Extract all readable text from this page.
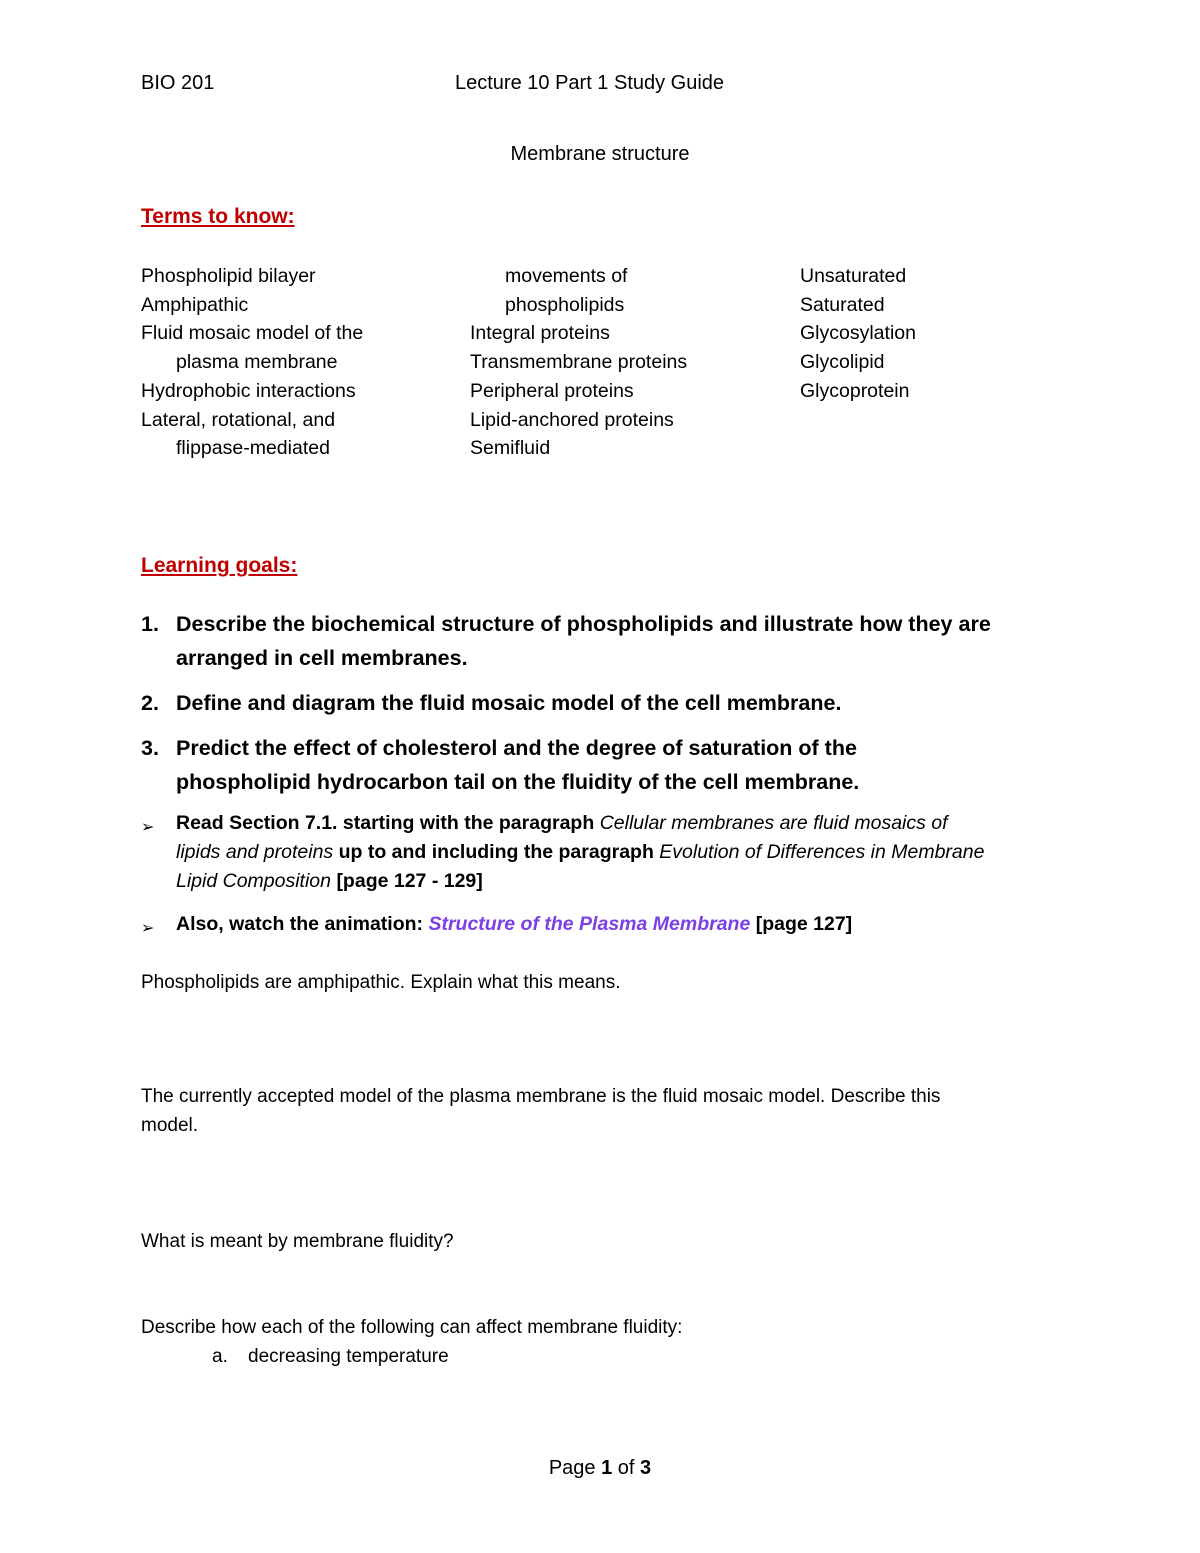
BIO 201	Lecture 10 Part 1 Study Guide
Membrane structure
Terms to know:
Phospholipid bilayer
Amphipathic
Fluid mosaic model of the
plasma membrane
Hydrophobic interactions
Lateral, rotational, and
flippase-mediated
movements of
phospholipids
Integral proteins
Transmembrane proteins
Peripheral proteins
Lipid-anchored proteins
Semifluid
Unsaturated
Saturated
Glycosylation
Glycolipid
Glycoprotein
Learning goals:
1. Describe the biochemical structure of phospholipids and illustrate how they are
arranged in cell membranes.
2. Define and diagram the fluid mosaic model of the cell membrane.
3. Predict the effect of cholesterol and the degree of saturation of the
phospholipid hydrocarbon tail on the fluidity of the cell membrane.
➢ Read Section 7.1. starting with the paragraph Cellular membranes are fluid mosaics of
lipids and proteins up to and including the paragraph Evolution of Differences in Membrane
Lipid Composition [page 127 - 129]
➢ Also, watch the animation: Structure of the Plasma Membrane [page 127]
Phospholipids are amphipathic. Explain what this means.
The currently accepted model of the plasma membrane is the fluid mosaic model. Describe this
model.
What is meant by membrane fluidity?
Describe how each of the following can affect membrane fluidity:
a. decreasing temperature
Page 1 of 3
